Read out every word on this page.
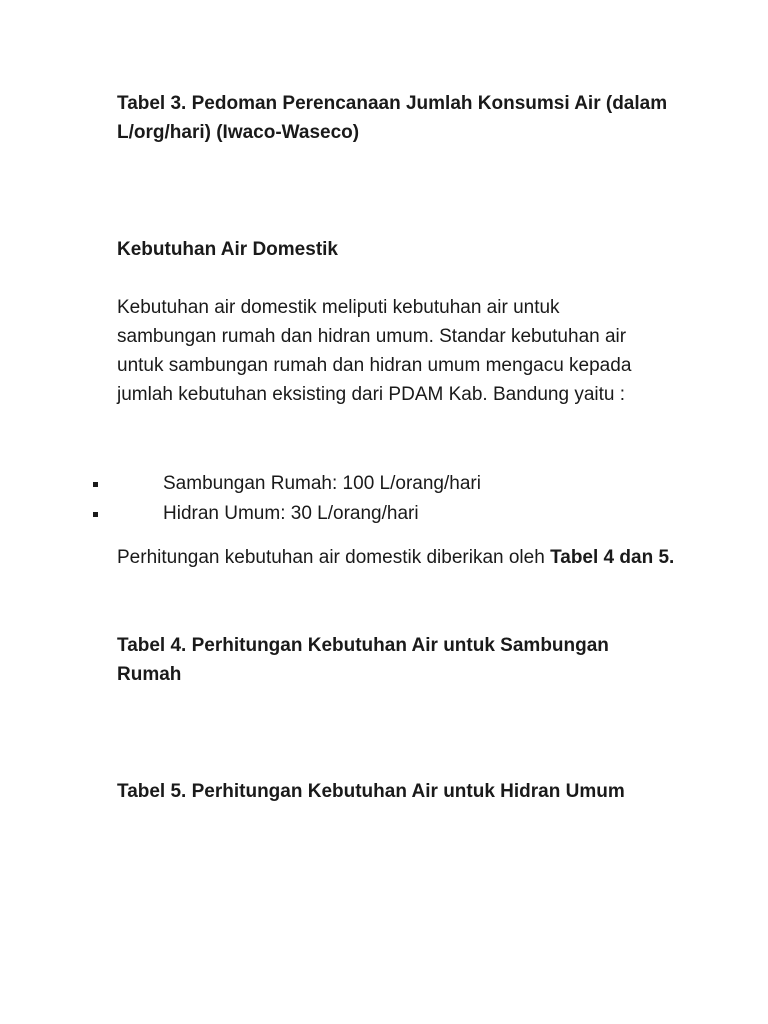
Tabel 3. Pedoman Perencanaan Jumlah Konsumsi Air (dalam L/org/hari) (Iwaco-Waseco)

Kebutuhan Air Domestik

Kebutuhan air domestik meliputi kebutuhan air untuk sambungan rumah dan hidran umum. Standar kebutuhan air untuk sambungan rumah dan hidran umum mengacu kepada jumlah kebutuhan eksisting dari PDAM Kab. Bandung yaitu :

Sambungan Rumah: 100 L/orang/hari
Hidran Umum: 30 L/orang/hari

Perhitungan kebutuhan air domestik diberikan oleh Tabel 4 dan 5.

Tabel 4. Perhitungan Kebutuhan Air untuk Sambungan Rumah

Tabel 5. Perhitungan Kebutuhan Air untuk Hidran Umum
